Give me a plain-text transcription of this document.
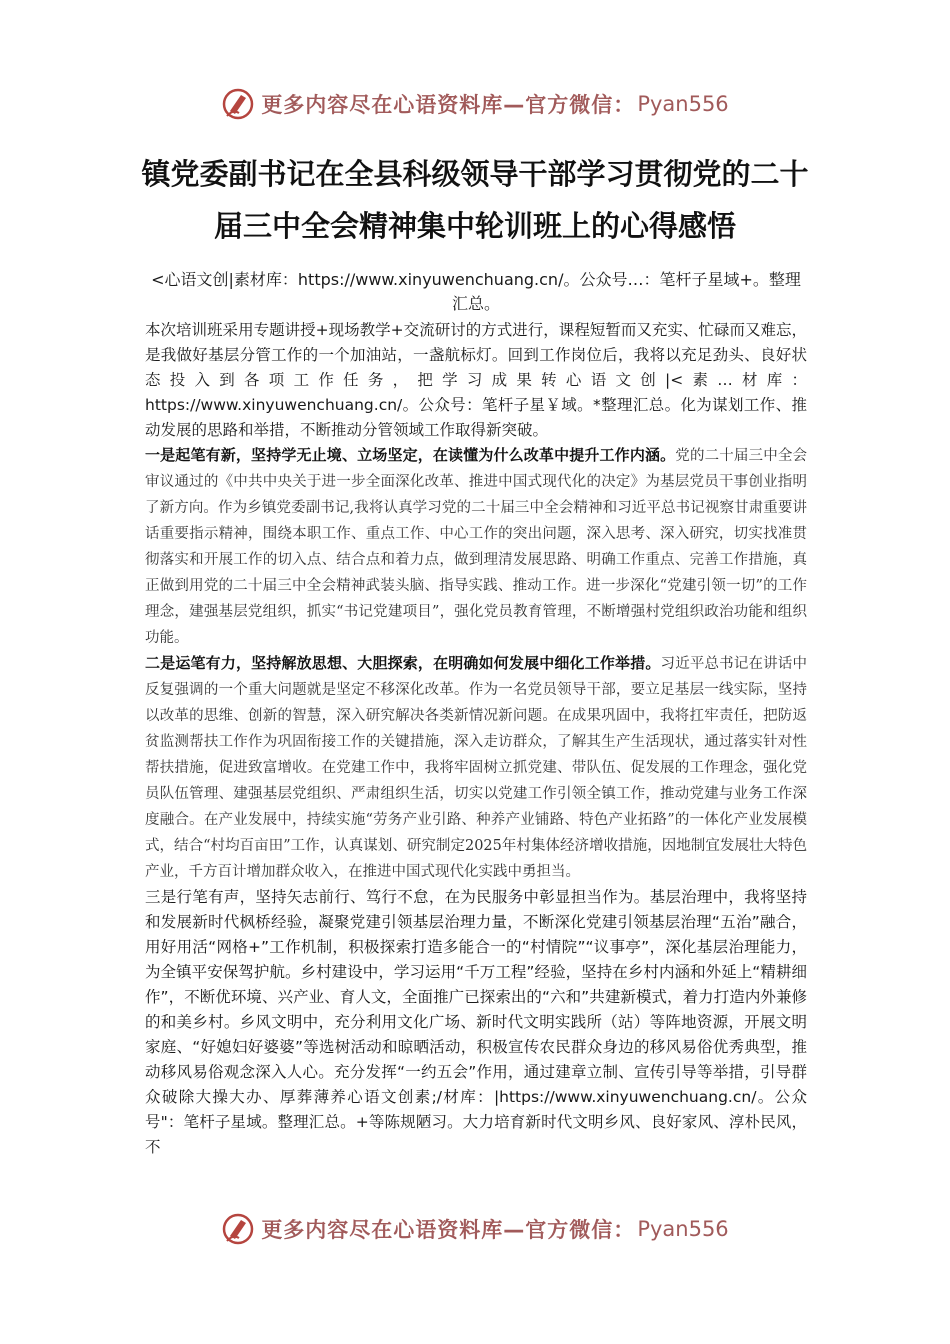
更多内容尽在心语资料库—官方微信： Pyan556
镇党委副书记在全县科级领导干部学习贯彻党的二十届三中全会精神集中轮训班上的心得感悟
<心语文创|素材库：https://www.xinyuwenchuang.cn/。公众号…：笔杆子星域+。整理汇总。

本次培训班采用专题讲授+现场教学+交流研讨的方式进行，课程短暂而又充实、忙碌而又难忘，是我做好基层分管工作的一个加油站，一盏航标灯。回到工作岗位后，我将以充足劲头、良好状态投入到各项工作任务，把学习成果转心语文创|<素…材库：https://www.xinyuwenchuang.cn/。公众号：笔杆子星￥域。*整理汇总。化为谋划工作、推动发展的思路和举措，不断推动分管领域工作取得新突破。

一是起笔有新，坚持学无止境、立场坚定，在读懂为什么改革中提升工作内涵。党的二十届三中全会审议通过的《中共中央关于进一步全面深化改革、推进中国式现代化的决定》为基层党员干事创业指明了新方向。作为乡镇党委副书记,我将认真学习党的二十届三中全会精神和习近平总书记视察甘肃重要讲话重要指示精神，围绕本职工作、重点工作、中心工作的突出问题，深入思考、深入研究，切实找准贯彻落实和开展工作的切入点、结合点和着力点，做到理清发展思路、明确工作重点、完善工作措施，真正做到用党的二十届三中全会精神武装头脑、指导实践、推动工作。进一步深化“党建引领一切”的工作理念，建强基层党组织，抓实“书记党建项目”，强化党员教育管理，不断增强村党组织政治功能和组织功能。

二是运笔有力，坚持解放思想、大胆探索，在明确如何发展中细化工作举措。习近平总书记在讲话中反复强调的一个重大问题就是坚定不移深化改革。作为一名党员领导干部，要立足基层一线实际，坚持以改革的思维、创新的智慧，深入研究解决各类新情况新问题。在成果巩固中，我将扛牢责任，把防返贫监测帮扶工作作为巩固衔接工作的关键措施，深入走访群众，了解其生产生活现状，通过落实针对性帮扶措施，促进致富增收。在党建工作中，我将牢固树立抓党建、带队伍、促发展的工作理念，强化党员队伍管理、建强基层党组织、严肃组织生活，切实以党建工作引领全镇工作，推动党建与业务工作深度融合。在产业发展中，持续实施“劳务产业引路、种养产业铺路、特色产业拓路”的一体化产业发展模式，结合“村均百亩田”工作，认真谋划、研究制定2025年村集体经济增收措施，因地制宜发展壮大特色产业，千方百计增加群众收入，在推进中国式现代化实践中勇担当。

三是行笔有声，坚持矢志前行、笃行不怠，在为民服务中彰显担当作为。基层治理中，我将坚持和发展新时代枫桥经验，凝聚党建引领基层治理力量，不断深化党建引领基层治理“五治”融合，用好用活“网格+”工作机制，积极探索打造多能合一的“村情院”“议事亭”，深化基层治理能力，为全镇平安保驾护航。乡村建设中，学习运用“千万工程”经验，坚持在乡村内涵和外延上“精耕细作”，不断优环境、兴产业、育人文，全面推广已探索出的“六和”共建新模式，着力打造内外兼修的和美乡村。乡风文明中，充分利用文化广场、新时代文明实践所（站）等阵地资源，开展文明家庭、“好媳妇好婆婆”等选树活动和晾晒活动，积极宣传农民群众身边的移风易俗优秀典型，推动移风易俗观念深入人心。充分发挥“一约五会”作用，通过建章立制、宣传引导等举措，引导群众破除大操大办、厚葬薄养心语文创素;/材库：|https://www.xinyuwenchuang.cn/。公众号"：笔杆子星域。整理汇总。+等陈规陋习。大力培育新时代文明乡风、良好家风、淳朴民风，不

更多内容尽在心语资料库—官方微信： Pyan556
